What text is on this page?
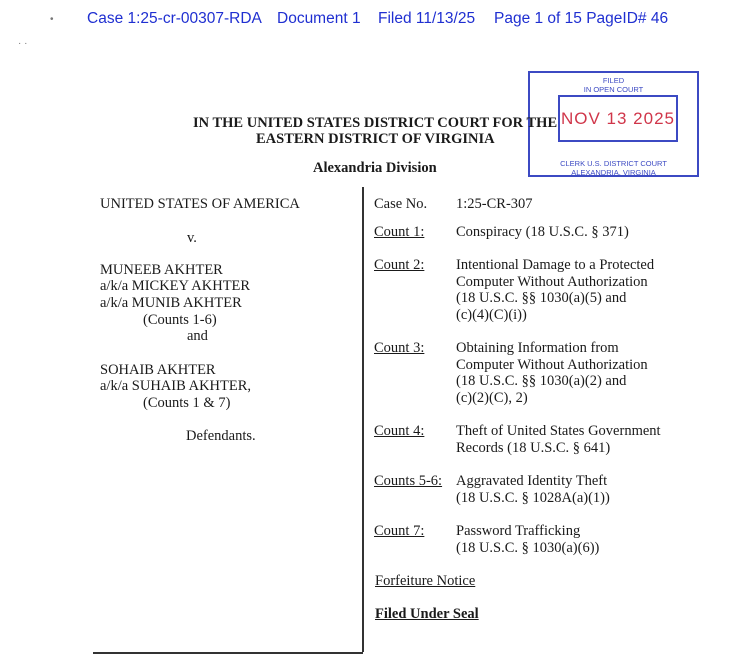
Case 1:25-cr-00307-RDA Document 1 Filed 11/13/25 Page 1 of 15 PageID# 46
•
· ·
FILED
IN OPEN COURT
NOV 13 2025
CLERK U.S. DISTRICT COURT
ALEXANDRIA, VIRGINIA
IN THE UNITED STATES DISTRICT COURT FOR THE
EASTERN DISTRICT OF VIRGINIA
Alexandria Division
UNITED STATES OF AMERICA
v.
MUNEEB AKHTER
a/k/a MICKEY AKHTER
a/k/a MUNIB AKHTER
(Counts 1-6)
and
SOHAIB AKHTER
a/k/a SUHAIB AKHTER,
(Counts 1 & 7)
Defendants.
Case No. 1:25-CR-307
Count 1: Conspiracy (18 U.S.C. § 371)
Count 2: Intentional Damage to a Protected
Computer Without Authorization
(18 U.S.C. §§ 1030(a)(5) and
(c)(4)(C)(i))
Count 3: Obtaining Information from
Computer Without Authorization
(18 U.S.C. §§ 1030(a)(2) and
(c)(2)(C), 2)
Count 4: Theft of United States Government
Records (18 U.S.C. § 641)
Counts 5-6: Aggravated Identity Theft
(18 U.S.C. § 1028A(a)(1))
Count 7: Password Trafficking
(18 U.S.C. § 1030(a)(6))
Forfeiture Notice
Filed Under Seal
